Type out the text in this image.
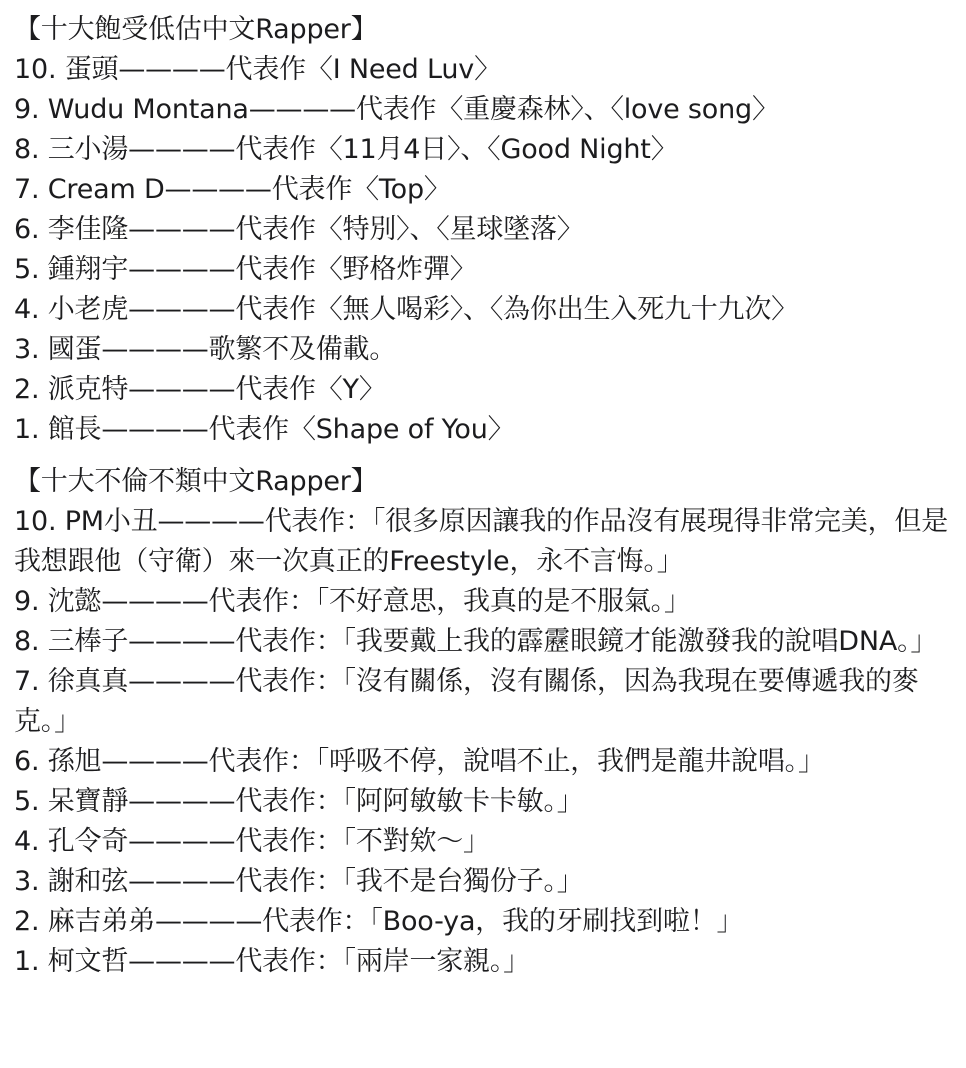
【十大飽受低估中文Rapper】
10. 蛋頭————代表作〈I Need Luv〉
9. Wudu Montana————代表作〈重慶森林〉、〈love song〉
8. 三小湯————代表作〈11月4日〉、〈Good Night〉
7. Cream D————代表作〈Top〉
6. 李佳隆————代表作〈特別〉、〈星球墜落〉
5. 鍾翔宇————代表作〈野格炸彈〉
4. 小老虎————代表作〈無人喝彩〉、〈為你出生入死九十九次〉
3. 國蛋————歌繁不及備載。
2. 派克特————代表作〈Y〉
1. 館長————代表作〈Shape of You〉
【十大不倫不類中文Rapper】
10. PM小丑————代表作：「很多原因讓我的作品沒有展現得非常完美，但是我想跟他（守衛）來一次真正的Freestyle，永不言悔。」
9. 沈懿————代表作：「不好意思，我真的是不服氣。」
8. 三棒子————代表作：「我要戴上我的霹靂眼鏡才能激發我的說唱DNA。」
7. 徐真真————代表作：「沒有關係，沒有關係，因為我現在要傳遞我的麥克。」
6. 孫旭————代表作：「呼吸不停，說唱不止，我們是龍井說唱。」
5. 呆寶靜————代表作：「阿阿敏敏卡卡敏。」
4. 孔令奇————代表作：「不對欸～」
3. 謝和弦————代表作：「我不是台獨份子。」
2. 麻吉弟弟————代表作：「Boo-ya，我的牙刷找到啦！」
1. 柯文哲————代表作：「兩岸一家親。」
